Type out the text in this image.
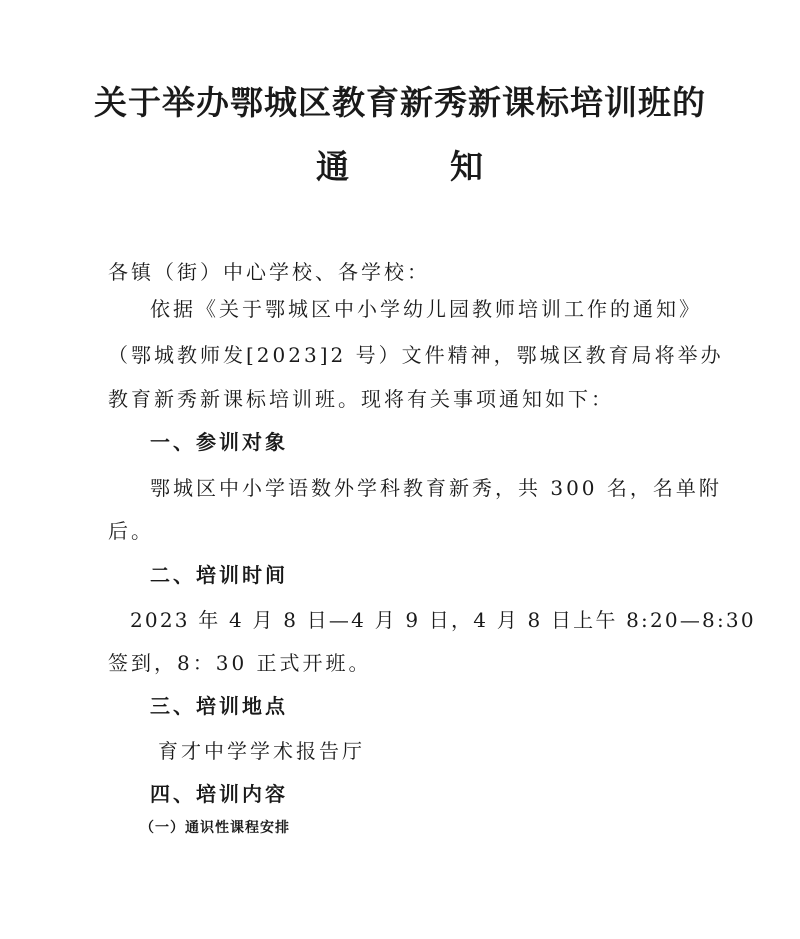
关于举办鄂城区教育新秀新课标培训班的
通	知
各镇（街）中心学校、各学校：
依据《关于鄂城区中小学幼儿园教师培训工作的通知》
（鄂城教师发[2023]2 号）文件精神，鄂城区教育局将举办
教育新秀新课标培训班。现将有关事项通知如下：
一、参训对象
鄂城区中小学语数外学科教育新秀，共 300 名，名单附
后。
二、培训时间
2023 年 4 月 8 日—4 月 9 日，4 月 8 日上午 8:20—8:30
签到，8：30 正式开班。
三、培训地点
育才中学学术报告厅
四、培训内容
（一）通识性课程安排
